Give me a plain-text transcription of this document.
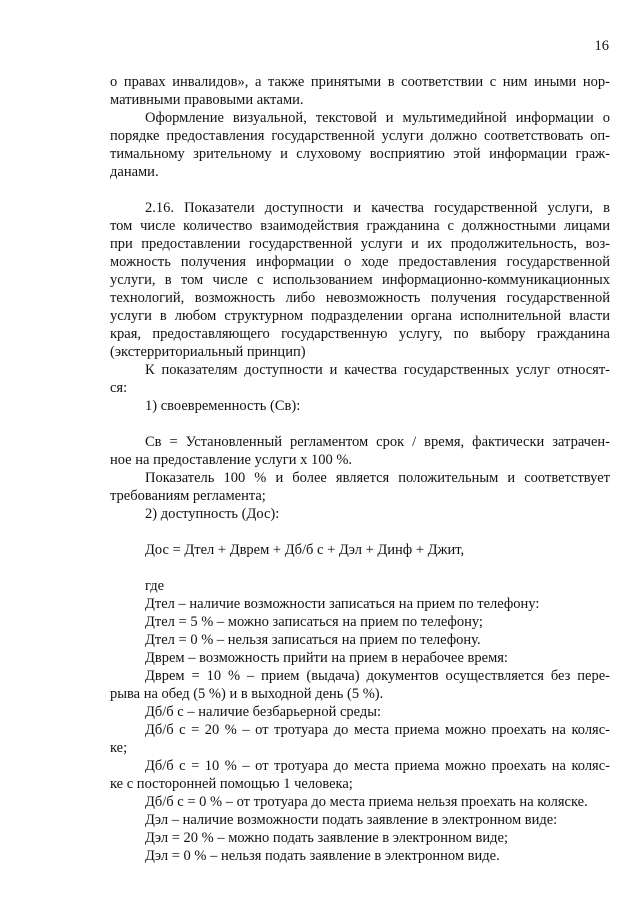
16
о правах инвалидов», а также принятыми в соответствии с ним иными нор-
мативными правовыми актами.
Оформление визуальной, текстовой и мультимедийной информации о
порядке предоставления государственной услуги должно соответствовать оп-
тимальному зрительному и слуховому восприятию этой информации граж-
данами.
2.16. Показатели доступности и качества государственной услуги, в
том числе количество взаимодействия гражданина с должностными лицами
при предоставлении государственной услуги и их продолжительность, воз-
можность получения информации о ходе предоставления государственной
услуги, в том числе с использованием информационно-коммуникационных
технологий, возможность либо невозможность получения государственной
услуги в любом структурном подразделении органа исполнительной власти
края, предоставляющего государственную услугу, по выбору гражданина
(экстерриториальный принцип)
К показателям доступности и качества государственных услуг относят-
ся:
1) своевременность (Св):
Св = Установленный регламентом срок / время, фактически затрачен-
ное на предоставление услуги x 100 %.
Показатель 100 % и более является положительным и соответствует
требованиям регламента;
2) доступность (Дос):
Дос = Дтел + Дврем + Дб/б с + Дэл + Динф + Джит,
где
Дтел – наличие возможности записаться на прием по телефону:
Дтел = 5 % – можно записаться на прием по телефону;
Дтел = 0 % – нельзя записаться на прием по телефону.
Дврем – возможность прийти на прием в нерабочее время:
Дврем = 10 % – прием (выдача) документов осуществляется без пере-
рыва на обед (5 %) и в выходной день (5 %).
Дб/б с – наличие безбарьерной среды:
Дб/б с = 20 % – от тротуара до места приема можно проехать на коляс-
ке;
Дб/б с = 10 % – от тротуара до места приема можно проехать на коляс-
ке с посторонней помощью 1 человека;
Дб/б с = 0 % – от тротуара до места приема нельзя проехать на коляске.
Дэл – наличие возможности подать заявление в электронном виде:
Дэл = 20 % – можно подать заявление в электронном виде;
Дэл = 0 % – нельзя подать заявление в электронном виде.
